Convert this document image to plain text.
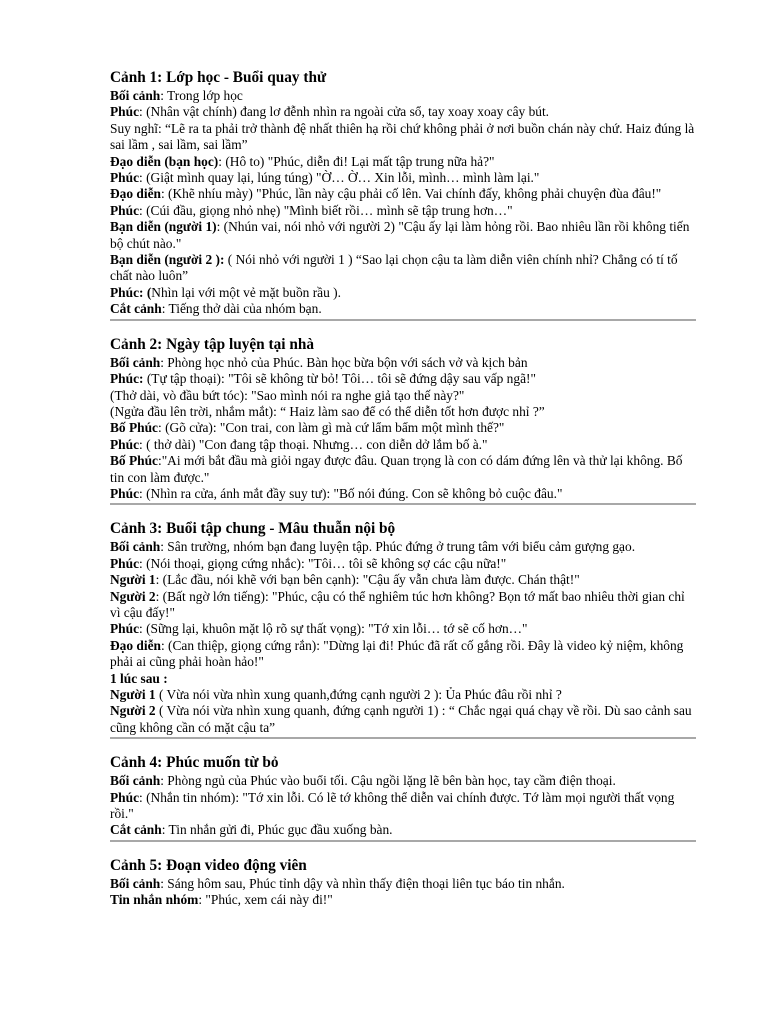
Cảnh 1: Lớp học - Buổi quay thử

Bối cảnh: Trong lớp học

Phúc: (Nhân vật chính) đang lơ đễnh nhìn ra ngoài cửa sổ, tay xoay xoay cây bút.

Suy nghĩ: “Lẽ ra ta phải trở thành đệ nhất thiên hạ rồi chứ không phải ở nơi buồn chán này chứ. Haiz đúng là sai lầm , sai lầm, sai lầm”

Đạo diễn (bạn học): (Hô to) "Phúc, diễn đi! Lại mất tập trung nữa hả?"

Phúc: (Giật mình quay lại, lúng túng) "Ờ… Ờ… Xin lỗi, mình… mình làm lại."

Đạo diễn: (Khẽ nhíu mày) "Phúc, lần này cậu phải cố lên. Vai chính đấy, không phải chuyện đùa đâu!"

Phúc: (Cúi đầu, giọng nhỏ nhẹ) "Mình biết rồi… mình sẽ tập trung hơn…"

Bạn diễn (người 1): (Nhún vai, nói nhỏ với người 2) "Cậu ấy lại làm hỏng rồi. Bao nhiêu lần rồi không tiến bộ chút nào."

Bạn diễn (người 2 ): ( Nói nhỏ với người 1 ) “Sao lại chọn cậu ta làm diễn viên chính nhỉ? Chẳng có tí tố chất nào luôn”

Phúc: (Nhìn lại với một vẻ mặt buồn rầu ).

Cắt cảnh: Tiếng thở dài của nhóm bạn.

Cảnh 2: Ngày tập luyện tại nhà

Bối cảnh: Phòng học nhỏ của Phúc. Bàn học bừa bộn với sách vở và kịch bản

Phúc: (Tự tập thoại): "Tôi sẽ không từ bỏ! Tôi… tôi sẽ đứng dậy sau vấp ngã!"

(Thở dài, vò đầu bứt tóc): "Sao mình nói ra nghe giả tạo thế này?"

(Ngửa đầu lên trời, nhắm mắt): “ Haiz làm sao để có thể diễn tốt hơn được nhỉ ?”

Bố Phúc: (Gõ cửa): "Con trai, con làm gì mà cứ lẩm bẩm một mình thế?"

Phúc: ( thở dài) "Con đang tập thoại. Nhưng… con diễn dở lắm bố à."

Bố Phúc:"Ai mới bắt đầu mà giỏi ngay được đâu. Quan trọng là con có dám đứng lên và thử lại không. Bố tin con làm được."

Phúc: (Nhìn ra cửa, ánh mắt đầy suy tư): "Bố nói đúng. Con sẽ không bỏ cuộc đâu."

Cảnh 3: Buổi tập chung - Mâu thuẫn nội bộ

Bối cảnh: Sân trường, nhóm bạn đang luyện tập. Phúc đứng ở trung tâm với biểu cảm gượng gạo.

Phúc: (Nói thoại, giọng cứng nhắc): "Tôi… tôi sẽ không sợ các cậu nữa!"

Người 1: (Lắc đầu, nói khẽ với bạn bên cạnh): "Cậu ấy vẫn chưa làm được. Chán thật!"

Người 2: (Bất ngờ lớn tiếng): "Phúc, cậu có thể nghiêm túc hơn không? Bọn tớ mất bao nhiêu thời gian chỉ vì cậu đấy!"

Phúc: (Sững lại, khuôn mặt lộ rõ sự thất vọng): "Tớ xin lỗi… tớ sẽ cố hơn…"

Đạo diễn: (Can thiệp, giọng cứng rắn): "Dừng lại đi! Phúc đã rất cố gắng rồi. Đây là video kỷ niệm, không phải ai cũng phải hoàn hảo!"

1 lúc sau :

Người 1 ( Vừa nói vừa nhìn xung quanh,đứng cạnh người 2 ): Ủa Phúc đâu rồi nhỉ ?

Người 2 ( Vừa nói vừa nhìn xung quanh, đứng cạnh người 1) : “ Chắc ngại quá chạy về rồi. Dù sao cảnh sau cũng không cần có mặt cậu ta”

Cảnh 4: Phúc muốn từ bỏ

Bối cảnh: Phòng ngủ của Phúc vào buổi tối. Cậu ngồi lặng lẽ bên bàn học, tay cầm điện thoại.

Phúc: (Nhắn tin nhóm): "Tớ xin lỗi. Có lẽ tớ không thể diễn vai chính được. Tớ làm mọi người thất vọng rồi."

Cắt cảnh: Tin nhắn gửi đi, Phúc gục đầu xuống bàn.

Cảnh 5: Đoạn video động viên

Bối cảnh: Sáng hôm sau, Phúc tỉnh dậy và nhìn thấy điện thoại liên tục báo tin nhắn.

Tin nhắn nhóm: "Phúc, xem cái này đi!"
